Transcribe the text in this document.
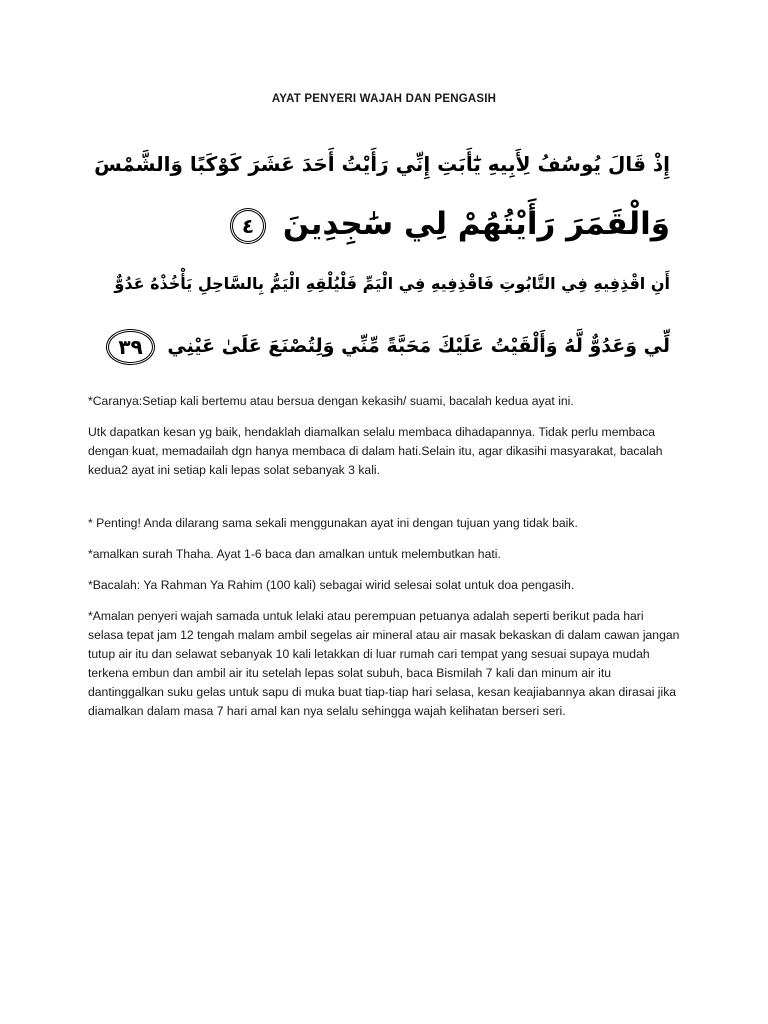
AYAT PENYERI WAJAH DAN PENGASIH
إِذْ قَالَ يُوسُفُ لِأَبِيهِ يَٰٓأَبَتِ إِنِّي رَأَيْتُ أَحَدَ عَشَرَ كَوْكَبًا وَالشَّمْسَ
وَالْقَمَرَ رَأَيْتُهُمْ لِي سَٰجِدِينَ ٤
أَنِ اقْذِفِيهِ فِي التَّابُوتِ فَاقْذِفِيهِ فِي الْيَمِّ فَلْيُلْقِهِ الْيَمُّ بِالسَّاحِلِ يَأْخُذْهُ عَدُوٌّ
لِّي وَعَدُوٌّ لَّهُ وَأَلْقَيْتُ عَلَيْكَ مَحَبَّةً مِّنِّي وَلِتُصْنَعَ عَلَىٰ عَيْنِي ٣٩

*Caranya:Setiap kali bertemu atau bersua dengan kekasih/ suami, bacalah kedua ayat ini.

Utk dapatkan kesan yg baik, hendaklah diamalkan selalu membaca dihadapannya. Tidak perlu membaca dengan kuat, memadailah dgn hanya membaca di dalam hati.Selain itu, agar dikasihi masyarakat, bacalah kedua2 ayat ini setiap kali lepas solat sebanyak 3 kali.

* Penting! Anda dilarang sama sekali menggunakan ayat ini dengan tujuan yang tidak baik.

*amalkan surah Thaha. Ayat 1-6 baca dan amalkan untuk melembutkan hati.

*Bacalah: Ya Rahman Ya Rahim (100 kali) sebagai wirid selesai solat untuk doa pengasih.

*Amalan penyeri wajah samada untuk lelaki atau perempuan petuanya adalah seperti berikut pada hari selasa tepat jam 12 tengah malam ambil segelas air mineral atau air masak bekaskan di dalam cawan jangan tutup air itu dan selawat sebanyak 10 kali letakkan di luar rumah cari tempat yang sesuai supaya mudah terkena embun dan ambil air itu setelah lepas solat subuh, baca Bismilah 7 kali dan minum air itu dantinggalkan suku gelas untuk sapu di muka buat tiap-tiap hari selasa, kesan keajiabannya akan dirasai jika diamalkan dalam masa 7 hari amal kan nya selalu sehingga wajah kelihatan berseri seri.
